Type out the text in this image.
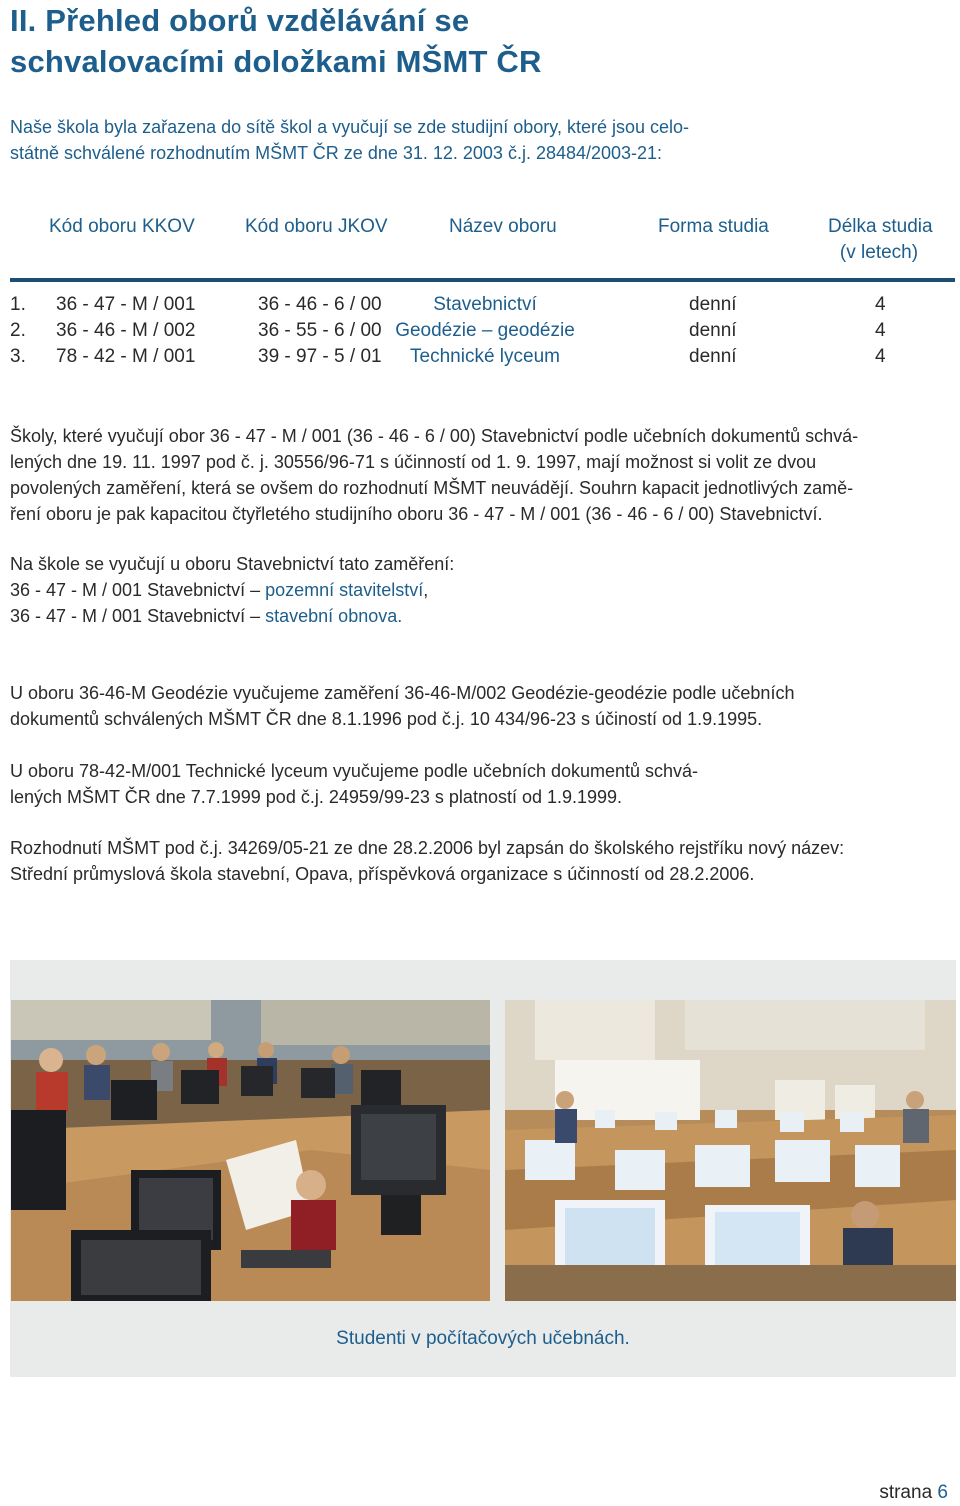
II. Přehled oborů vzdělávání se
schvalovacími doložkami MŠMT ČR

Naše škola byla zařazena do sítě škol a vyučují se zde studijní obory, které jsou celo-
státně schválené rozhodnutím MŠMT ČR ze dne 31. 12. 2003 č.j. 28484/2003-21:

Kód oboru KKOV	Kód oboru JKOV	Název oboru	Forma studia	Délka studia
(v letech)
1. 36 - 47 - M / 001	36 - 46 - 6 / 00	Stavebnictví	denní	4
2. 36 - 46 - M / 002	36 - 55 - 6 / 00 Geodézie – geodézie	denní	4
3. 78 - 42 - M / 001	39 - 97 - 5 / 01	Technické lyceum	denní	4

Školy, které vyučují obor 36 - 47 - M / 001 (36 - 46 - 6 / 00) Stavebnictví podle učebních dokumentů schvá-
lených dne 19. 11. 1997 pod č. j. 30556/96-71 s účinností od 1. 9. 1997, mají možnost si volit ze dvou
povolených zaměření, která se ovšem do rozhodnutí MŠMT neuvádějí. Souhrn kapacit jednotlivých zamě-
ření oboru je pak kapacitou čtyřletého studijního oboru 36 - 47 - M / 001 (36 - 46 - 6 / 00) Stavebnictví.

Na škole se vyučují u oboru Stavebnictví tato zaměření:
36 - 47 - M / 001 Stavebnictví – pozemní stavitelství,
36 - 47 - M / 001 Stavebnictví – stavební obnova.

U oboru 36-46-M Geodézie vyučujeme zaměření 36-46-M/002 Geodézie-geodézie podle učebních
dokumentů schválených MŠMT ČR dne 8.1.1996 pod č.j. 10 434/96-23 s účiností od 1.9.1995.

U oboru 78-42-M/001 Technické lyceum vyučujeme podle učebních dokumentů schvá-
lených MŠMT ČR dne 7.7.1999 pod č.j. 24959/99-23 s platností od 1.9.1999.

Rozhodnutí MŠMT pod č.j. 34269/05-21 ze dne 28.2.2006 byl zapsán do školského rejstříku nový název:
Střední průmyslová škola stavební, Opava, příspěvková organizace s účinností od 28.2.2006.

Studenti v počítačových učebnách.
strana 6
